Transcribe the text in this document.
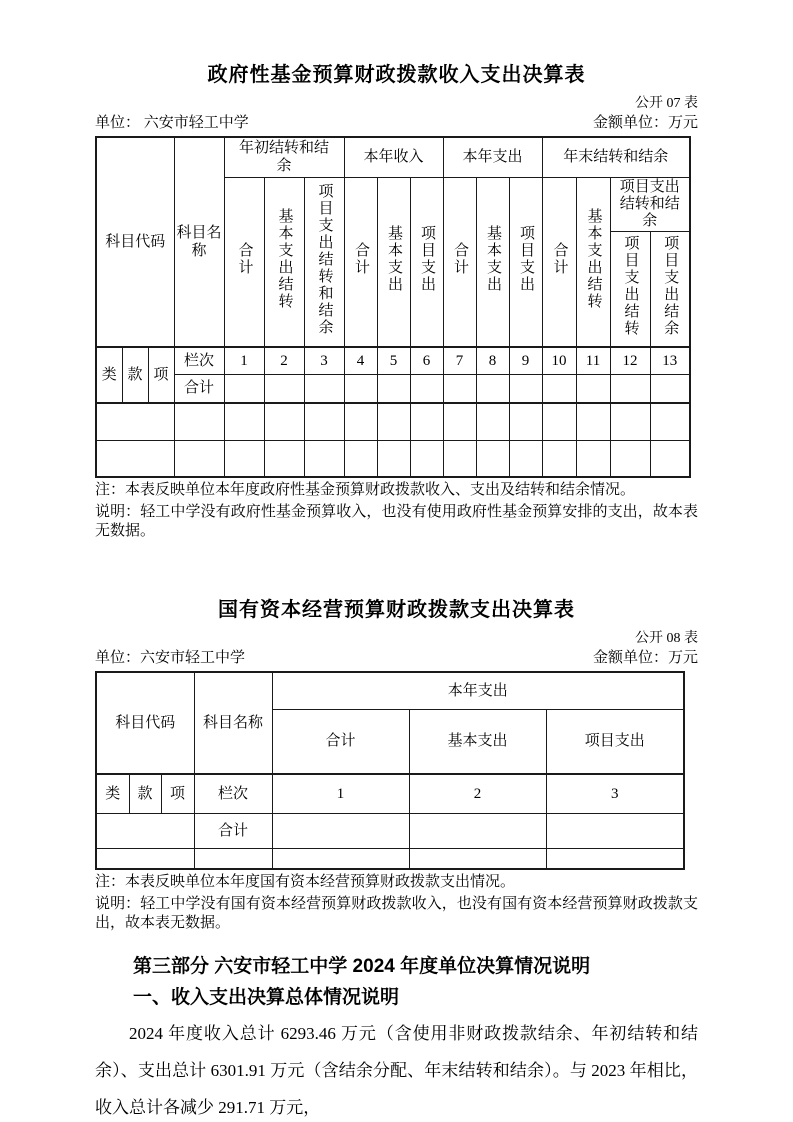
政府性基金预算财政拨款收入支出决算表
公开 07 表
单位： 六安市轻工中学	金额单位：万元
科目代码			科目名称	年初结转和结余			本年收入			本年支出			年末结转和结余			
				合计	基本支出结转	项目支出结转和结余	合计	基本支出	项目支出	合计	基本支出	项目支出	合计	基本支出结转	项目支出结转和结余	
															项目支出结转	项目支出结余
类	款	项	栏次	1	2	3	4	5	6	7	8	9	10	11	12	13
			合计													

注：本表反映单位本年度政府性基金预算财政拨款收入、支出及结转和结余情况。

说明：轻工中学没有政府性基金预算收入，也没有使用政府性基金预算安排的支出，故本表无数据。

国有资本经营预算财政拨款支出决算表
公开 08 表
单位：六安市轻工中学	金额单位：万元
科目代码			科目名称	本年支出		
				合计	基本支出	项目支出
类	款	项	栏次	1	2	3
			合计			

注：本表反映单位本年度国有资本经营预算财政拨款支出情况。

说明：轻工中学没有国有资本经营预算财政拨款收入，也没有国有资本经营预算财政拨款支出，故本表无数据。

第三部分 六安市轻工中学 2024 年度单位决算情况说明
一、收入支出决算总体情况说明

2024 年度收入总计 6293.46 万元（含使用非财政拨款结余、年初结转和结余）、支出总计 6301.91 万元（含结余分配、年末结转和结余）。与 2023 年相比，收入总计各减少 291.71 万元，
